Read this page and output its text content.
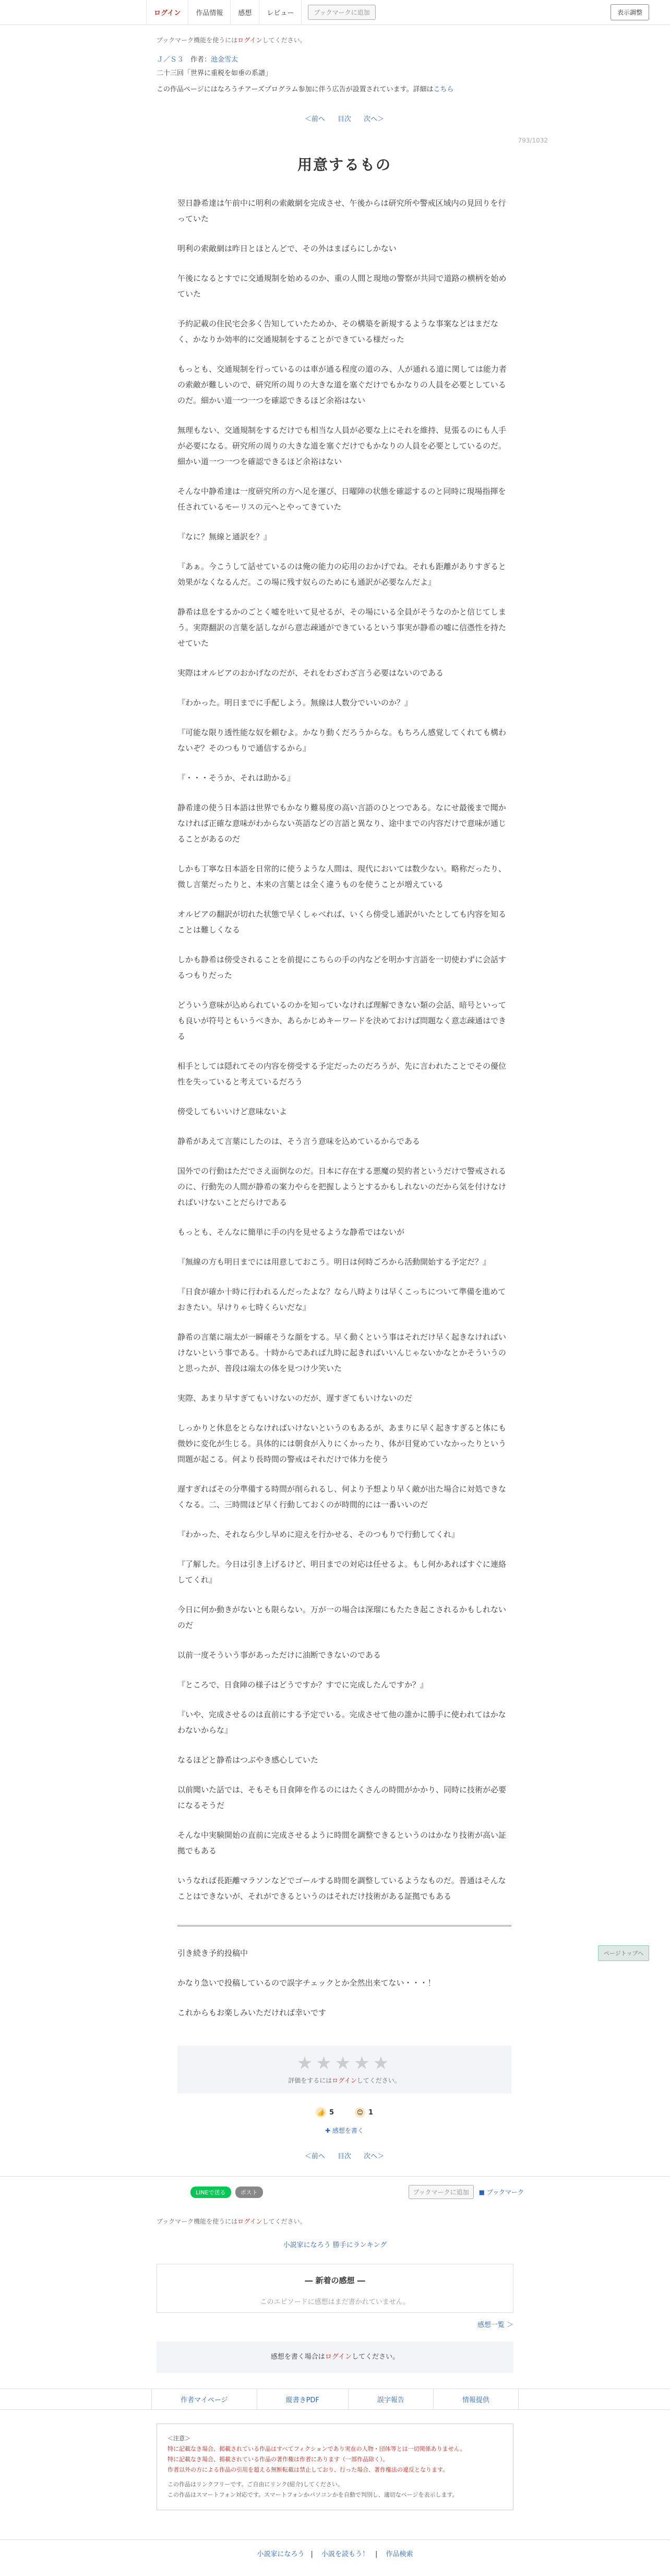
ログイン	作品情報	感想	レビュー	ブックマークに追加	表示調整
ブックマーク機能を使うにはログインしてください。
Ｊ／Ｓ３　 作者：池金雪太
二十三回「世界に重税を如垂の系譜」
この作品ページにはなろうチアーズプログラム参加に伴う広告が設置されています。詳細はこちら
＜前へ 目次 次へ＞
793/1032
用意するもの

翌日静希達は午前中に明利の索敵網を完成させ、午後からは研究所や警戒区域内の見回りを行っていた

明利の索敵網は昨日とほとんどで、その外はまばらにしかない

午後になるとすでに交通規制を始めるのか、重の人間と現地の警察が共同で道路の横柄を始めていた

予約記載の住民宅会多く告知していたためか、その構築を新規するような事案などはまだなく、かなりか効率的に交通規制をすることができている様だった

もっとも、交通規制を行っているのは車が通る程度の道のみ、人が通れる道に関しては能力者の索敵が難しいので、研究所の周りの大きな道を塞ぐだけでもかなりの人員を必要としているのだ。細かい道一つ一つを確認できるほど余裕はない

無理もない、交通規制をするだけでも相当な人員が必要な上にそれを維持、見張るのにも人手が必要になる。研究所の周りの大きな道を塞ぐだけでもかなりの人員を必要としているのだ。細かい道一つ一つを確認できるほど余裕はない

そんな中静希達は一度研究所の方へ足を運び、日曜陣の状態を確認するのと同時に現場指揮を任されているモーリスの元へとやってきていた

『なに？無線と通訳を？』

『あぁ。今こうして話せているのは俺の能力の応用のおかげでね。それも距離がありすぎると効果がなくなるんだ。この場に残す奴らのためにも通訳が必要なんだよ』

静希は息をするかのごとく嘘を吐いて見せるが、その場にいる全員がそうなのかと信じてしまう。実際翻訳の言葉を話しながら意志疎通ができているという事実が静希の嘘に信憑性を持たせていた

実際はオルビアのおかげなのだが、それをわざわざ言う必要はないのである

『わかった。明日までに手配しよう。無線は人数分でいいのか？』

『可能な限り透性能な奴を頼むよ。かなり動くだろうからな。もちろん感覚してくれても構わないぞ？そのつもりで通信するから』

『・・・そうか、それは助かる』

静希達の使う日本語は世界でもかなり難易度の高い言語のひとつである。なにせ最後まで聞かなければ正確な意味がわからない英語などの言語と異なり、途中までの内容だけで意味が通じることがあるのだ

しかも丁寧な日本語を日常的に使うような人間は、現代においては数少ない。略称だったり、微し言葉だったりと、本来の言葉とは全く違うものを使うことが増えている

オルビアの翻訳が切れた状態で早くしゃべれば、いくら傍受し通訳がいたとしても内容を知ることは難しくなる

しかも静希は傍受されることを前提にこちらの手の内などを明かす言語を一切使わずに会話するつもりだった

どういう意味が込められているのかを知っていなければ理解できない類の会話、暗号といっても良いが符号ともいうべきか、あらかじめキーワードを決めておけば問題なく意志疎通はできる

相手としては隠れてその内容を傍受する予定だったのだろうが、先に言われたことでその優位性を失っていると考えているだろう

傍受してもいいけど意味ないよ

静希があえて言葉にしたのは、そう言う意味を込めているからである

国外での行動はただでさえ面倒なのだ。日本に存在する悪魔の契約者というだけで警戒されるのに、行動先の人間が静希の案力やらを把握しようとするかもしれないのだから気を付けなければいけないことだらけである

もっとも、そんなに簡単に手の内を見せるような静希ではないが

『無線の方も明日までには用意しておこう。明日は何時ごろから活動開始する予定だ？』

『日食が確か十時に行われるんだったよな？なら八時よりは早くこっちについて準備を進めておきたい。早けりゃ七時くらいだな』

静希の言葉に端太が一瞬確そうな顔をする。早く動くという事はそれだけ早く起きなければいけないという事である。十時からであれば九時に起きればいいんじゃないかなとかそういうのと思ったが、普段は端太の体を見つけ少笑いた

実際、あまり早すぎてもいけないのだが、遅すぎてもいけないのだ

しっかりと休息をとらなければいけないというのもあるが、あまりに早く起きすぎると体にも微妙に変化が生じる。具体的には朝食が入りにくかったり、体が目覚めていなかったりという問題が起こる。何より長時間の警戒はそれだけで体力を使う

遅すぎればその分準備する時間が削られるし、何より予想より早く敵が出た場合に対処できなくなる。二、三時間ほど早く行動しておくのが時間的には一番いいのだ

『わかった、それなら少し早めに迎えを行かせる、そのつもりで行動してくれ』

『了解した。今日は引き上げるけど、明日までの対応は任せるよ。もし何かあればすぐに連絡してくれ』

今日に何か動きがないとも限らない。万が一の場合は深瑠にもたたき起こされるかもしれないのだ

以前一度そういう事があっただけに油断できないのである

『ところで、日食陣の様子はどうですか？すでに完成したんですか？』

『いや、完成させるのは直前にする予定でいる。完成させて他の誰かに勝手に使われてはかなわないからな』

なるほどと静希はつぶやき感心していた

以前聞いた話では、そもそも日食陣を作るのにはたくさんの時間がかかり、同時に技術が必要になるそうだ

そんな中実験開始の直前に完成させるように時間を調整できるというのはかなり技術が高い証拠でもある

いうなれば長距離マラソンなどでゴールする時間を調整しているようなものだ。普通はそんなことはできないが、それができるというのはそれだけ技術がある証拠でもある

引き続き予約投稿中

かなり急いで投稿しているので誤字チェックとか全然出来てない・・・！

これからもお楽しみいただければ幸いです

★★★★★
評価をするにはログインしてください。
👍 5	😊 1
✚ 感想を書く
＜前へ 目次 次へ＞
LINEで送る	ポスト	ブックマークに追加	■ ブックマーク
ブックマーク機能を使うにはログインしてください。
小説家になろう 勝手にランキング
― 新着の感想 ―
このエピソードに感想はまだ書かれていません。
感想一覧 ＞
感想を書く場合はログインしてください。
作者マイページ	縦書きPDF	誤字報告	情報提供
＜注意＞
特に記載なき場合、掲載されている作品はすべてフィクションであり実在の人物・団体等とは一切関係ありません。
特に記載なき場合、掲載されている作品の著作権は作者にあります（一部作品除く）。
作者以外の方による作品の引用を超える無断転載は禁止しており、行った場合、著作権法の違反となります。
この作品はリンクフリーです。ご自由にリンク(紹介)してください。
この作品はスマートフォン対応です。スマートフォンかパソコンかを自動で判別し、適切なページを表示します。
小説家になろう | 小説を読もう！ | 作品検索
ページトップへ
